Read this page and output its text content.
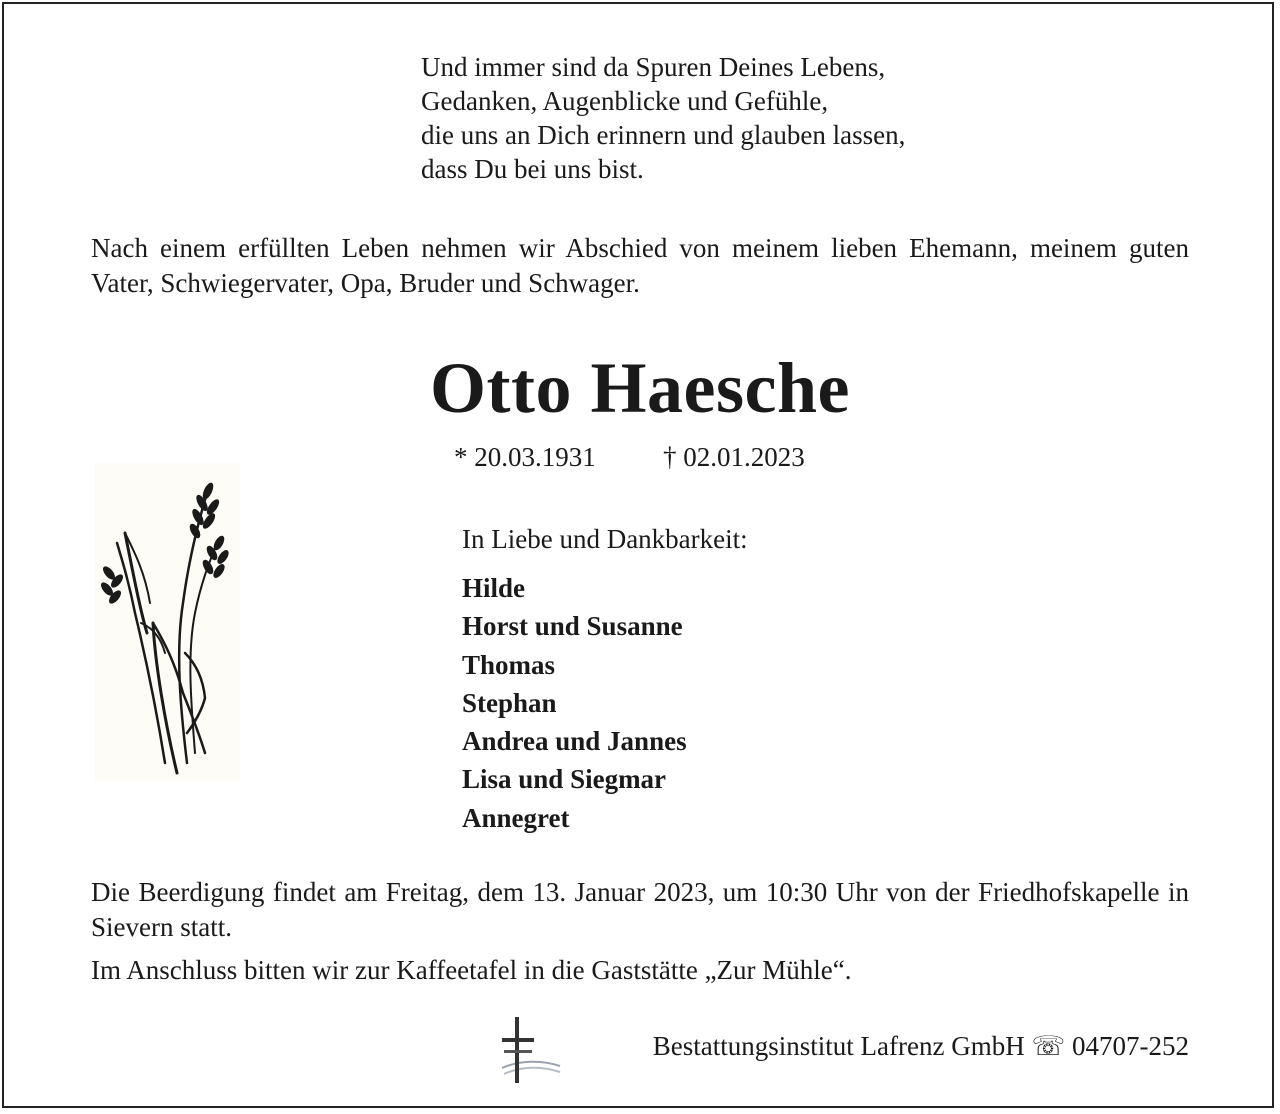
Und immer sind da Spuren Deines Lebens,
Gedanken, Augenblicke und Gefühle,
die uns an Dich erinnern und glauben lassen,
dass Du bei uns bist.
Nach einem erfüllten Leben nehmen wir Abschied von meinem lieben Ehemann, meinem guten Vater, Schwiegervater, Opa, Bruder und Schwager.
Otto Haesche
* 20.03.1931 † 02.01.2023
In Liebe und Dankbarkeit:
Hilde
Horst und Susanne
Thomas
Stephan
Andrea und Jannes
Lisa und Siegmar
Annegret
Die Beerdigung findet am Freitag, dem 13. Januar 2023, um 10:30 Uhr von der Friedhofskapelle in Sievern statt.
Im Anschluss bitten wir zur Kaffeetafel in die Gaststätte „Zur Mühle“.
Bestattungsinstitut Lafrenz GmbH ☏ 04707-252
